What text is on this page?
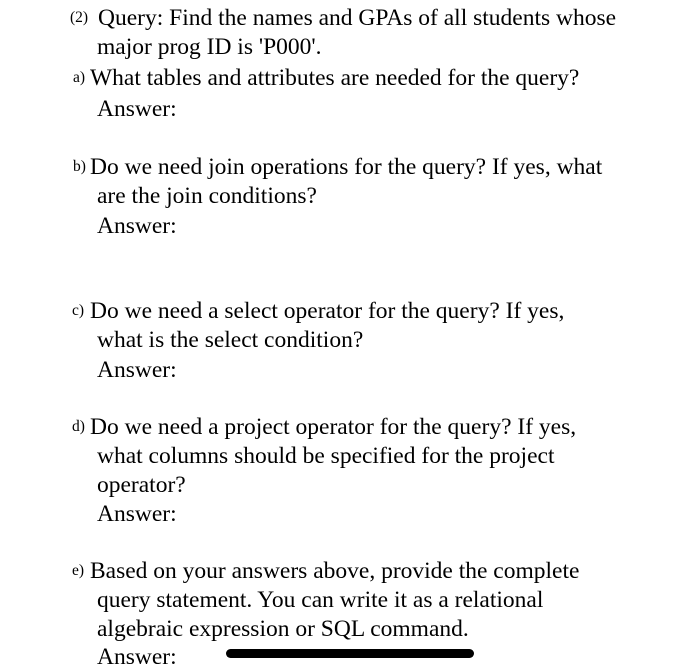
(2) Query: Find the names and GPAs of all students whose
major prog ID is 'P000'.
a) What tables and attributes are needed for the query?
Answer:
b) Do we need join operations for the query? If yes, what
are the join conditions?
Answer:
c) Do we need a select operator for the query? If yes,
what is the select condition?
Answer:
d) Do we need a project operator for the query? If yes,
what columns should be specified for the project
operator?
Answer:
e) Based on your answers above, provide the complete
query statement. You can write it as a relational
algebraic expression or SQL command.
Answer:
